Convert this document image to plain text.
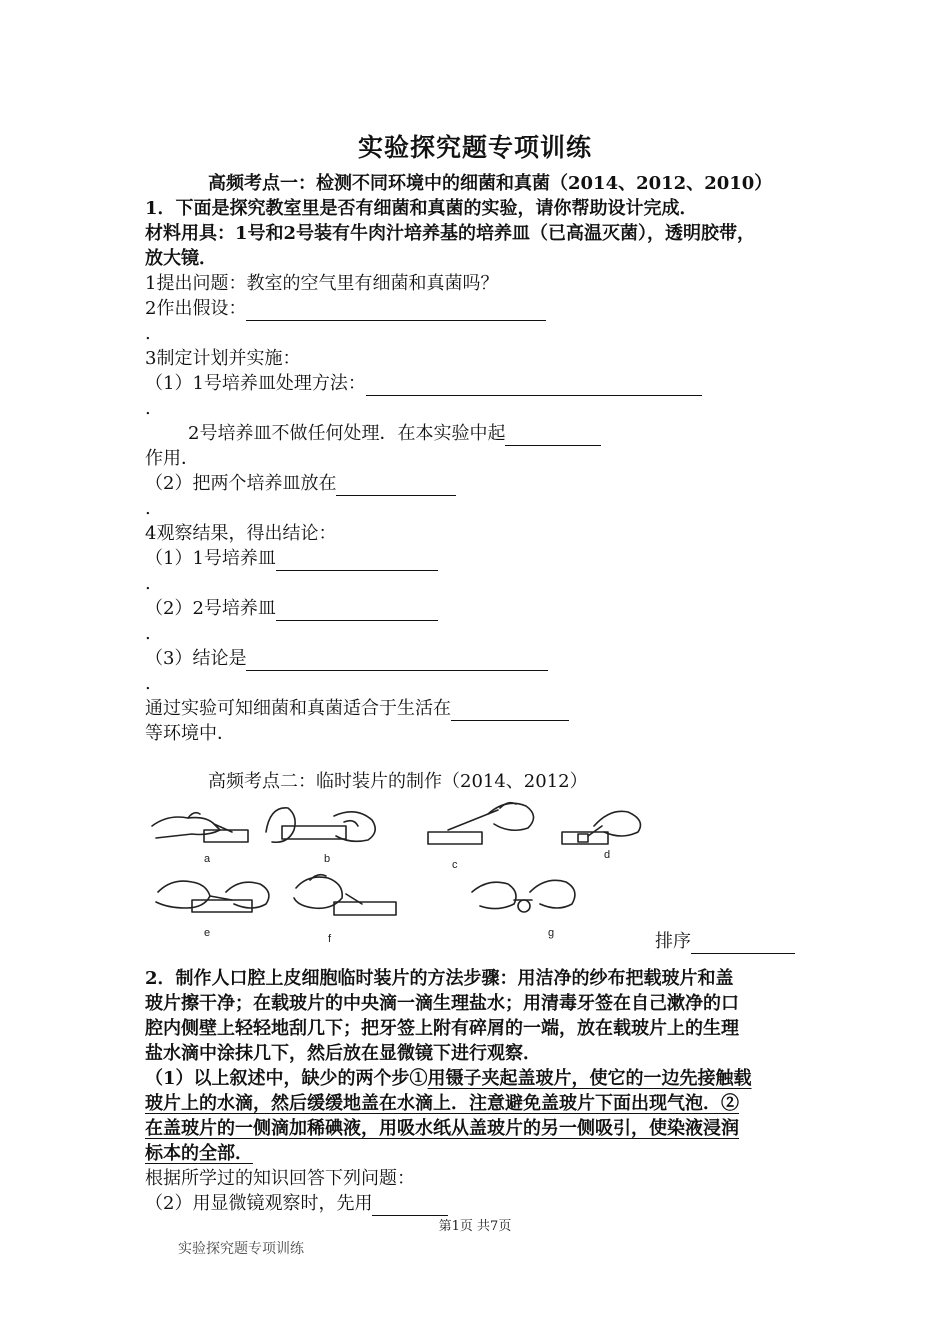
实验探究题专项训练
高频考点一：检测不同环境中的细菌和真菌（2014、2012、2010）
1．下面是探究教室里是否有细菌和真菌的实验，请你帮助设计完成．
材料用具：1号和2号装有牛肉汁培养基的培养皿（已高温灭菌），透明胶带，
放大镜．
1提出问题：教室的空气里有细菌和真菌吗？
2作出假设：
.
3制定计划并实施：
（1）1号培养皿处理方法：
.
2号培养皿不做任何处理．在本实验中起
作用．
（2）把两个培养皿放在
.
4观察结果，得出结论：
（1）1号培养皿
.
（2）2号培养皿
.
（3）结论是
.
通过实验可知细菌和真菌适合于生活在
等环境中．
高频考点二：临时装片的制作（2014、2012）
a	b	c
d
e	f	g	排序
2．制作人口腔上皮细胞临时装片的方法步骤：用洁净的纱布把载玻片和盖
玻片擦干净；在载玻片的中央滴一滴生理盐水；用清毒牙签在自己漱净的口
腔内侧壁上轻轻地刮几下；把牙签上附有碎屑的一端，放在载玻片上的生理
盐水滴中涂抹几下，然后放在显微镜下进行观察．
（1）以上叙述中，缺少的两个步①用镊子夹起盖玻片，使它的一边先接触载
玻片上的水滴，然后缓缓地盖在水滴上．注意避免盖玻片下面出现气泡．②
在盖玻片的一侧滴加稀碘液，用吸水纸从盖玻片的另一侧吸引，使染液浸润
标本的全部．
根据所学过的知识回答下列问题：
（2）用显微镜观察时，先用
第1页 共7页
实验探究题专项训练
